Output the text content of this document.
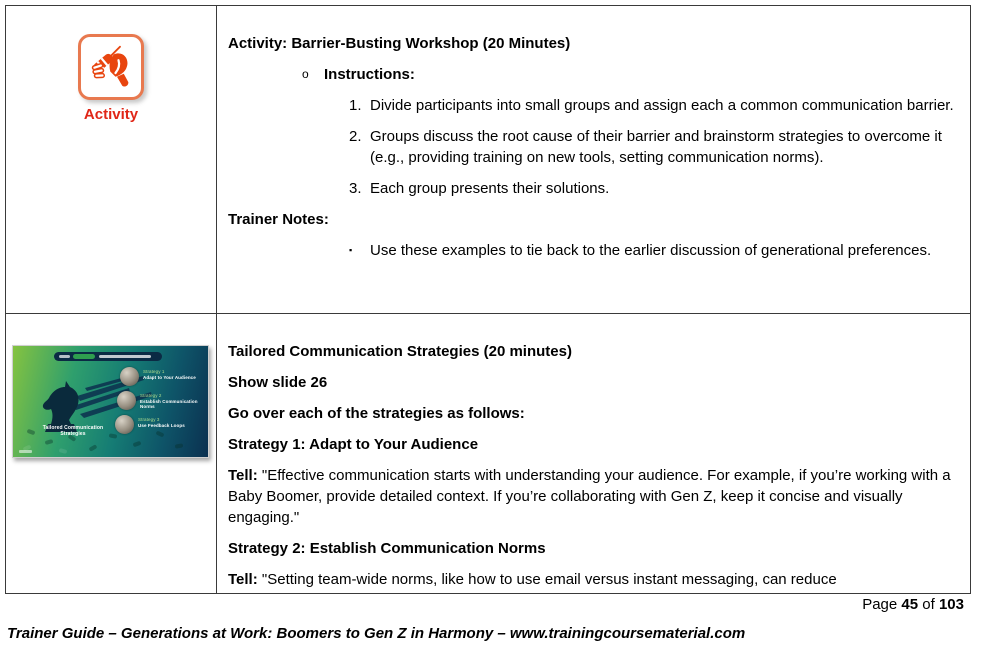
Activity

Activity: Barrier-Busting Workshop (20 Minutes)

o	Instructions:
1. Divide participants into small groups and assign each a common communication barrier.
2. Groups discuss the root cause of their barrier and brainstorm strategies to overcome it (e.g., providing training on new tools, setting communication norms).
3. Each group presents their solutions.

Trainer Notes:

▪	Use these examples to tie back to the earlier discussion of generational preferences.
Strategy 1
Adapt to Your Audience
Strategy 2
Establish Communication Norms
Strategy 3
Use Feedback Loops
Tailored Communication
Strategies

Tailored Communication Strategies (20 minutes)

Show slide 26

Go over each of the strategies as follows:

Strategy 1: Adapt to Your Audience

Tell: "Effective communication starts with understanding your audience. For example, if you’re working with a Baby Boomer, provide detailed context. If you’re collaborating with Gen Z, keep it concise and visually engaging."

Strategy 2: Establish Communication Norms

Tell: "Setting team-wide norms, like how to use email versus instant messaging, can reduce

Page 45 of 103
Trainer Guide – Generations at Work: Boomers to Gen Z in Harmony – www.trainingcoursematerial.com
